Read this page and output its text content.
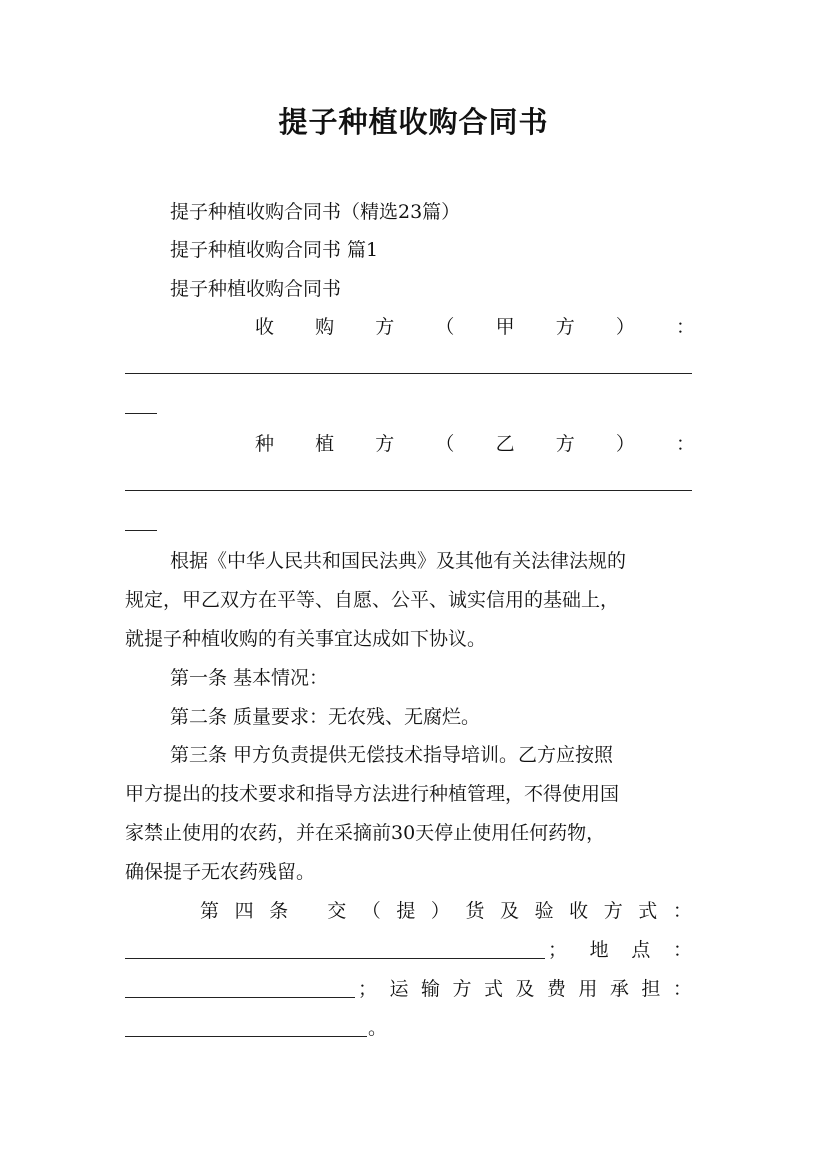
提子种植收购合同书
提子种植收购合同书（精选23篇）
提子种植收购合同书 篇1
提子种植收购合同书
收 购 方 （ 甲 方 ） ：
种 植 方 （ 乙 方 ） ：
根据《中华人民共和国民法典》及其他有关法律法规的
规定，甲乙双方在平等、自愿、公平、诚实信用的基础上，
就提子种植收购的有关事宜达成如下协议。
第一条 基本情况：
第二条 质量要求：无农残、无腐烂。
第三条 甲方负责提供无偿技术指导培训。乙方应按照
甲方提出的技术要求和指导方法进行种植管理，不得使用国
家禁止使用的农药，并在采摘前30天停止使用任何药物，
确保提子无农药残留。
第 四 条 交 （ 提 ） 货 及 验 收 方 式 ：
； 地 点 ：
； 运 输 方 式 及 费 用 承 担 ：
。
